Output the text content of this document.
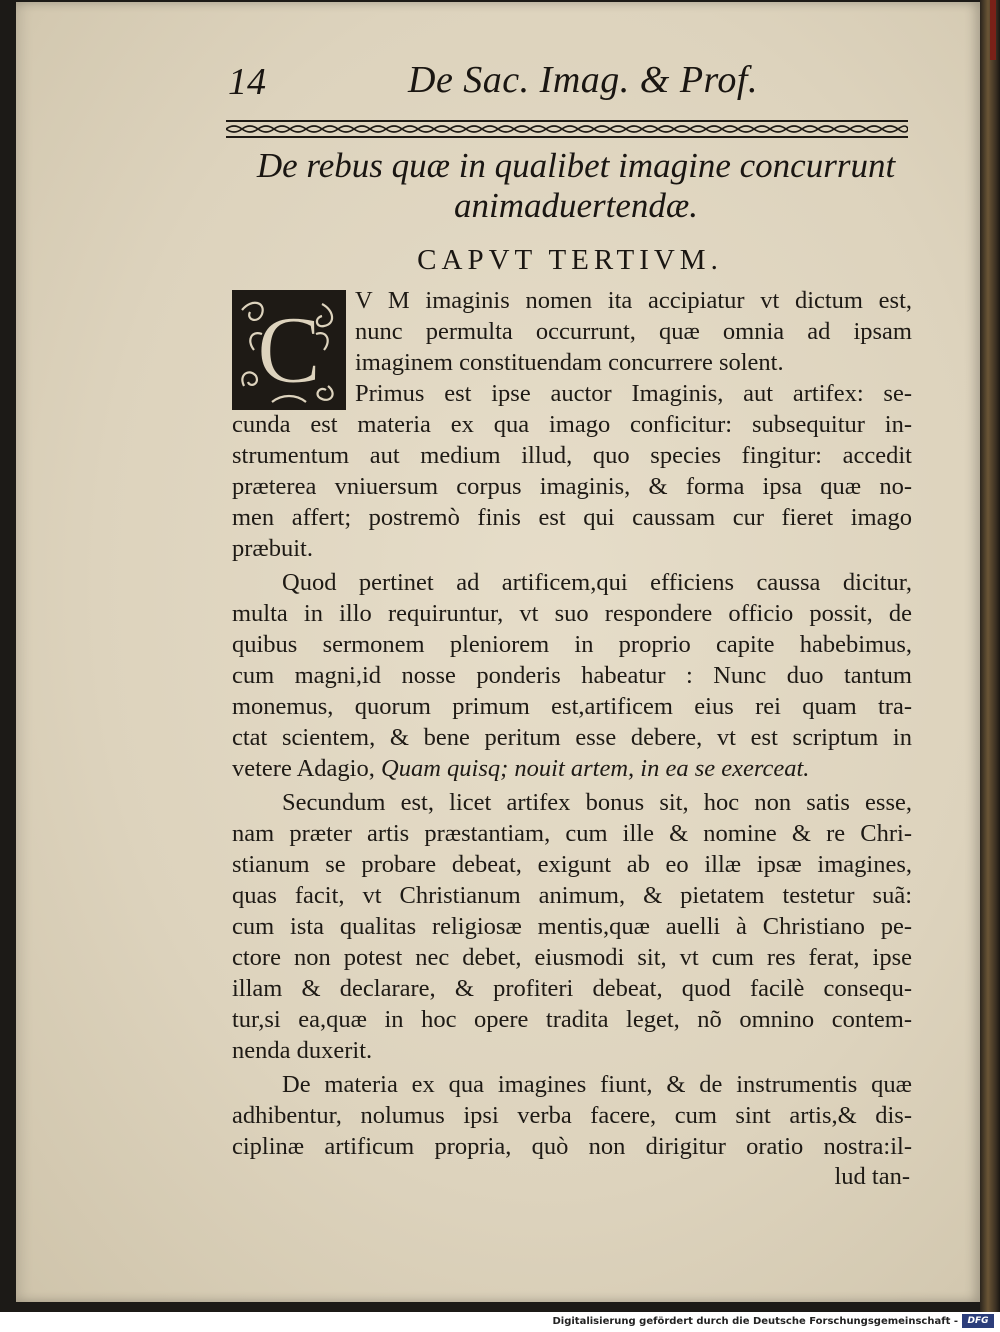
14	De Sac. Imag. & Prof.
De rebus quæ in qualibet imagine concurrunt
animaduertendæ.
CAPVT TERTIVM.
C V M imaginis nomen ita accipiatur vt dictum est,
nunc permulta occurrunt, quæ omnia ad ipsam
imaginem constituendam concurrere solent.
Primus est ipse auctor Imaginis, aut artifex: se-
cunda est materia ex qua imago conficitur: subsequitur in-
strumentum aut medium illud, quo species fingitur: accedit
præterea vniuersum corpus imaginis, & forma ipsa quæ no-
men affert; postremò finis est qui caussam cur fieret imago
præbuit.
Quod pertinet ad artificem,qui efficiens caussa dicitur,
multa in illo requiruntur, vt suo respondere officio possit, de
quibus sermonem pleniorem in proprio capite habebimus,
cum magni,id nosse ponderis habeatur : Nunc duo tantum
monemus, quorum primum est,artificem eius rei quam tra-
ctat scientem, & bene peritum esse debere, vt est scriptum in
vetere Adagio, Quam quisq; nouit artem, in ea se exerceat.
Secundum est, licet artifex bonus sit, hoc non satis esse,
nam præter artis præstantiam, cum ille & nomine & re Chri-
stianum se probare debeat, exigunt ab eo illæ ipsæ imagines,
quas facit, vt Christianum animum, & pietatem testetur suã:
cum ista qualitas religiosæ mentis,quæ auelli à Christiano pe-
ctore non potest nec debet, eiusmodi sit, vt cum res ferat, ipse
illam & declarare, & profiteri debeat, quod facilè consequ-
tur,si ea,quæ in hoc opere tradita leget, nõ omnino contem-
nenda duxerit.
De materia ex qua imagines fiunt, & de instrumentis quæ
adhibentur, nolumus ipsi verba facere, cum sint artis,& dis-
ciplinæ artificum propria, quò non dirigitur oratio nostra:il-
lud tan-
Digitalisierung gefördert durch die Deutsche Forschungsgemeinschaft -	DFG
